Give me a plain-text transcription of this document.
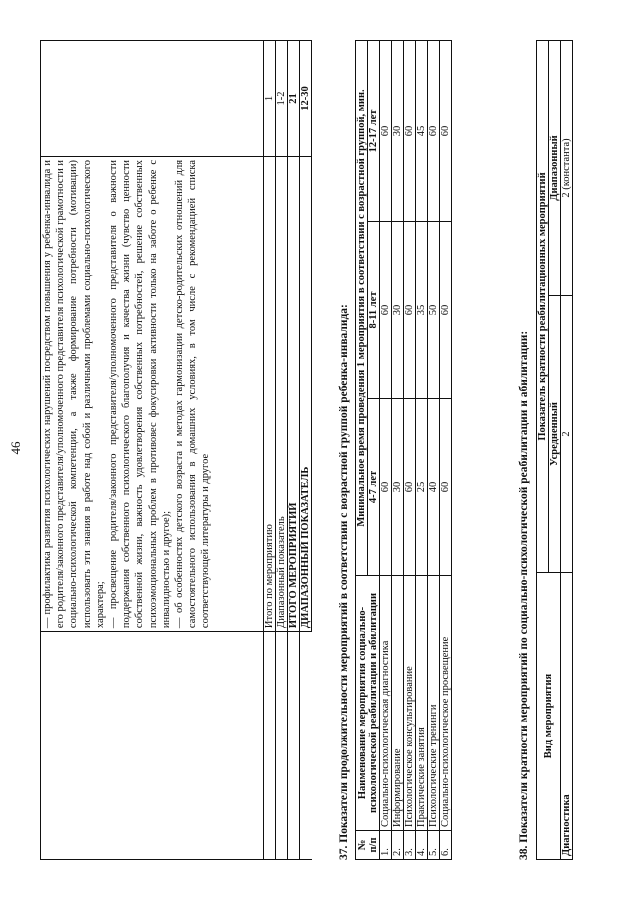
46

	— профилактика развития психологических нарушений посредством повышения у ребенка-инвалида и его родителя/законного представителя/уполномоченного представителя психологической грамотности и социально-психологической компетенции, а также формирование потребности (мотивации) использовать эти знания в работе над собой и различными проблемами социально-психологического характера; — просвещение родителя/законного представителя/уполномоченного представителя о важности поддержания собственного психологического благополучия и качества жизни (чувство ценности собственной жизни, важность удовлетворения собственных потребностей, решение собственных психоэмоциональных проблем в противовес фокусировки активности только на заботе о ребенке с инвалидностью и другое); — об особенностях детского возраста и методах гармонизации детско-родительских отношений для самостоятельного использования в домашних условиях, в том числе с рекомендацией списка соответствующей литературы и другое	

	Итого по мероприятию	1
	Диапазонный показатель	1-2
	ИТОГО МЕРОПРИЯТИЙ	21
	ДИАПАЗОННЫЙ ПОКАЗАТЕЛЬ	12-30
37. Показатели продолжительности мероприятий в соответствии с возрастной группой ребенка-инвалида: № п/п	Наименование мероприятия социально-психологической реабилитации и абилитации	Минимальное время проведения 1 мероприятия в соответствии с возрастной группой, мин.		
		4-7 лет	8-11 лет	12-17 лет
1.	Социально-психологическая диагностика	60	60	60
2.	Информирование	30	30	30
3.	Психологическое консультирование	60	60	60
4.	Практические занятия	25	35	45
5.	Психологические тренинги	40	50	60
6.	Социально-психологическое просвещение	60	60	60
38. Показатели кратности мероприятий по социально-психологической реабилитации и абилитации: Вид мероприятия	Показатель кратности реабилитационных мероприятий	
	Усредненный	Диапазонный
Диагностика	2	2 (константа)
